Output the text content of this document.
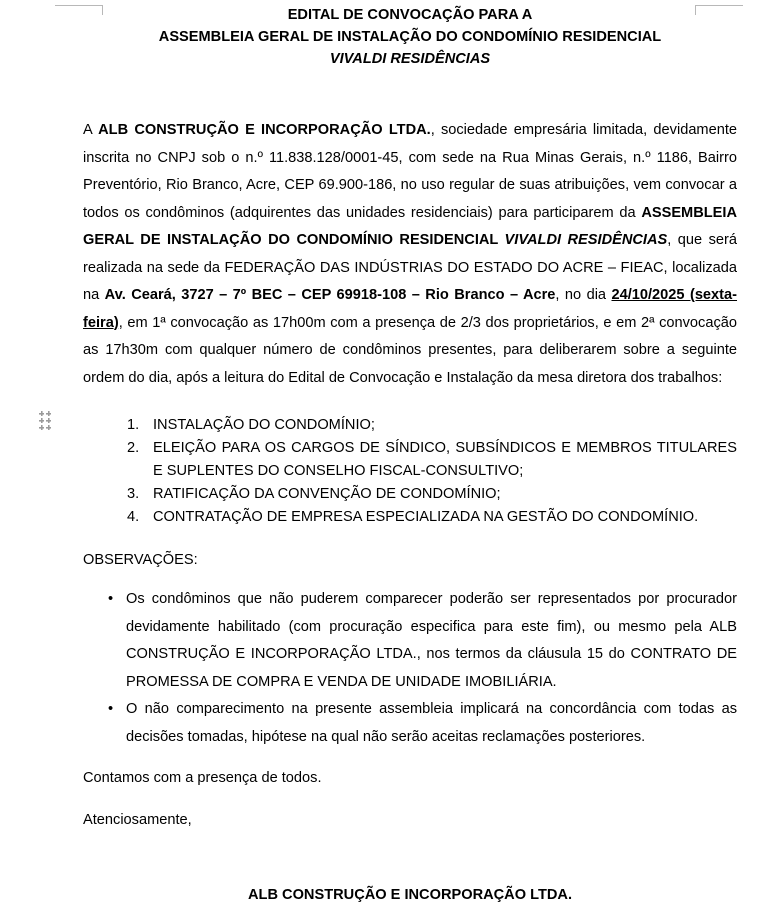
EDITAL DE CONVOCAÇÃO PARA A
ASSEMBLEIA GERAL DE INSTALAÇÃO DO CONDOMÍNIO RESIDENCIAL
VIVALDI RESIDÊNCIAS

A ALB CONSTRUÇÃO E INCORPORAÇÃO LTDA., sociedade empresária limitada, devidamente inscrita no CNPJ sob o n.º 11.838.128/0001-45, com sede na Rua Minas Gerais, n.º 1186, Bairro Preventório, Rio Branco, Acre, CEP 69.900-186, no uso regular de suas atribuições, vem convocar a todos os condôminos (adquirentes das unidades residenciais) para participarem da ASSEMBLEIA GERAL DE INSTALAÇÃO DO CONDOMÍNIO RESIDENCIAL VIVALDI RESIDÊNCIAS, que será realizada na sede da FEDERAÇÃO DAS INDÚSTRIAS DO ESTADO DO ACRE – FIEAC, localizada na Av. Ceará, 3727 – 7º BEC – CEP 69918-108 – Rio Branco – Acre, no dia 24/10/2025 (sexta-feira), em 1ª convocação as 17h00m com a presença de 2/3 dos proprietários, e em 2ª convocação as 17h30m com qualquer número de condôminos presentes, para deliberarem sobre a seguinte ordem do dia, após a leitura do Edital de Convocação e Instalação da mesa diretora dos trabalhos:

1. INSTALAÇÃO DO CONDOMÍNIO;
2. ELEIÇÃO PARA OS CARGOS DE SÍNDICO, SUBSÍNDICOS E MEMBROS TITULARES E SUPLENTES DO CONSELHO FISCAL-CONSULTIVO;
3. RATIFICAÇÃO DA CONVENÇÃO DE CONDOMÍNIO;
4. CONTRATAÇÃO DE EMPRESA ESPECIALIZADA NA GESTÃO DO CONDOMÍNIO.
OBSERVAÇÕES:
• Os condôminos que não puderem comparecer poderão ser representados por procurador devidamente habilitado (com procuração especifica para este fim), ou mesmo pela ALB CONSTRUÇÃO E INCORPORAÇÃO LTDA., nos termos da cláusula 15 do CONTRATO DE PROMESSA DE COMPRA E VENDA DE UNIDADE IMOBILIÁRIA.
• O não comparecimento na presente assembleia implicará na concordância com todas as decisões tomadas, hipótese na qual não serão aceitas reclamações posteriores.
Contamos com a presença de todos.
Atenciosamente,
ALB CONSTRUÇÃO E INCORPORAÇÃO LTDA.
